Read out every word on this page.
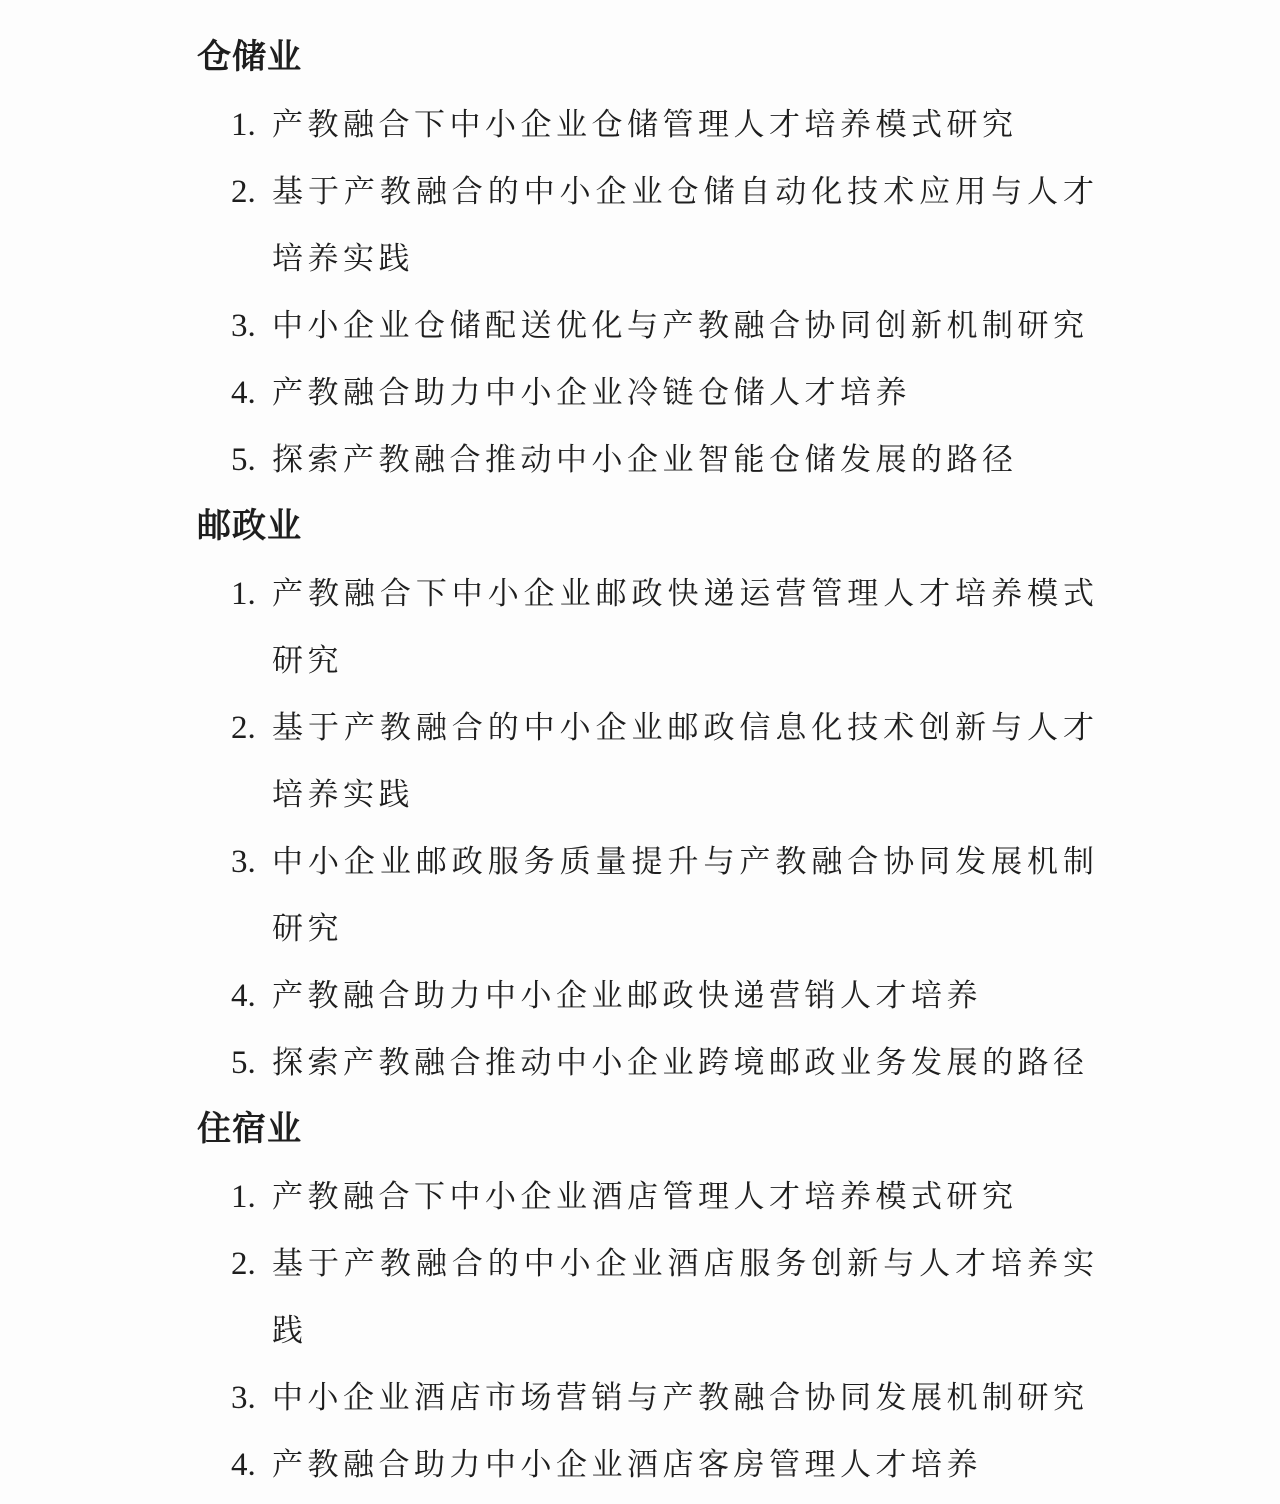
仓储业
1. 产教融合下中小企业仓储管理人才培养模式研究
2. 基于产教融合的中小企业仓储自动化技术应用与人才
培养实践
3. 中小企业仓储配送优化与产教融合协同创新机制研究
4. 产教融合助力中小企业冷链仓储人才培养
5. 探索产教融合推动中小企业智能仓储发展的路径
邮政业
1. 产教融合下中小企业邮政快递运营管理人才培养模式
研究
2. 基于产教融合的中小企业邮政信息化技术创新与人才
培养实践
3. 中小企业邮政服务质量提升与产教融合协同发展机制
研究
4. 产教融合助力中小企业邮政快递营销人才培养
5. 探索产教融合推动中小企业跨境邮政业务发展的路径
住宿业
1. 产教融合下中小企业酒店管理人才培养模式研究
2. 基于产教融合的中小企业酒店服务创新与人才培养实
践
3. 中小企业酒店市场营销与产教融合协同发展机制研究
4. 产教融合助力中小企业酒店客房管理人才培养
